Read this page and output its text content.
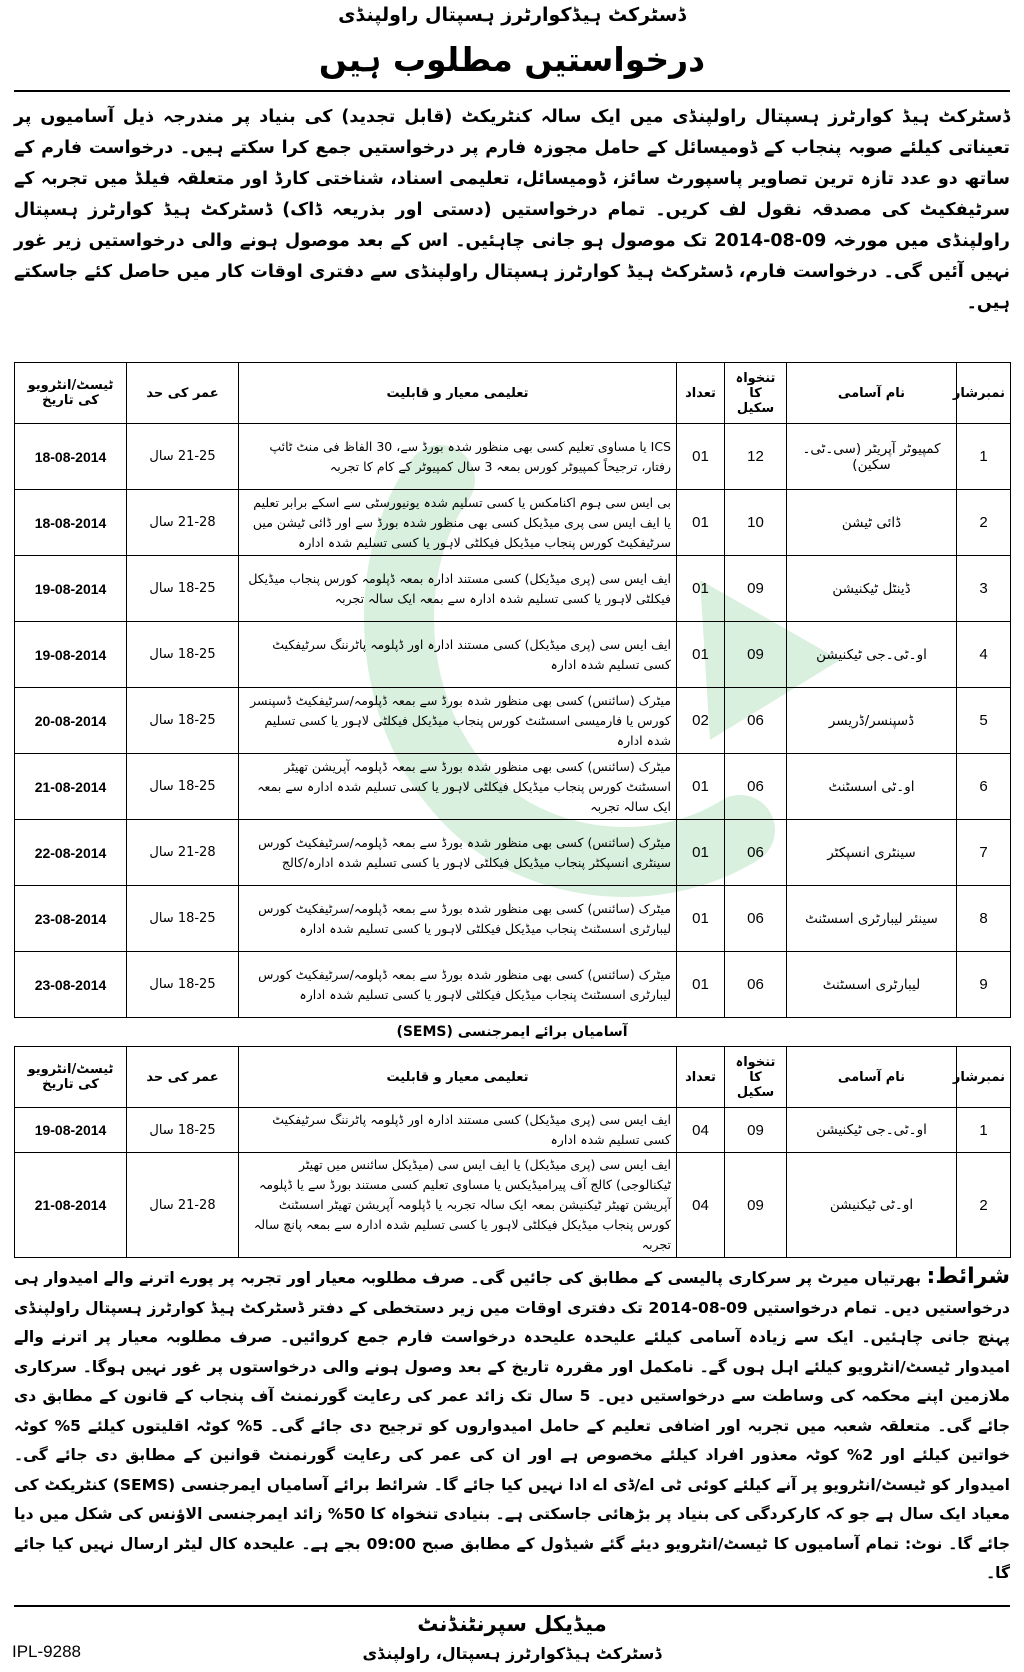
ڈسٹرکٹ ہیڈکوارٹرز ہسپتال راولپنڈی
درخواستیں مطلوب ہیں
ڈسٹرکٹ ہیڈ کوارٹرز ہسپتال راولپنڈی میں ایک سالہ کنٹریکٹ (قابل تجدید) کی بنیاد پر مندرجہ ذیل آسامیوں پر تعیناتی کیلئے صوبہ پنجاب کے ڈومیسائل کے حامل مجوزہ فارم پر درخواستیں جمع کرا سکتے ہیں۔ درخواست فارم کے ساتھ دو عدد تازہ ترین تصاویر پاسپورٹ سائز، ڈومیسائل، تعلیمی اسناد، شناختی کارڈ اور متعلقہ فیلڈ میں تجربہ کے سرٹیفکیٹ کی مصدقہ نقول لف کریں۔ تمام درخواستیں (دستی اور بذریعہ ڈاک) ڈسٹرکٹ ہیڈ کوارٹرز ہسپتال راولپنڈی میں مورخہ 09-08-2014 تک موصول ہو جانی چاہئیں۔ اس کے بعد موصول ہونے والی درخواستیں زیر غور نہیں آئیں گی۔ درخواست فارم، ڈسٹرکٹ ہیڈ کوارٹرز ہسپتال راولپنڈی سے دفتری اوقات کار میں حاصل کئے جاسکتے ہیں۔
نمبرشار	نام آسامی	تنخواہ کا سکیل	تعداد	تعلیمی معیار و قابلیت	عمر کی حد	ٹیسٹ/انٹرویو کی تاریخ
1	کمپیوٹر آپریٹر (سی۔ٹی۔سکین)	12	01	ICS یا مساوی تعلیم کسی بھی منظور شدہ بورڈ سے، 30 الفاظ فی منٹ ٹائپ رفتار، ترجیحاً کمپیوٹر کورس بمعہ 3 سال کمپیوٹر کے کام کا تجربہ	21-25 سال	18-08-2014
2	ڈائی ٹیشن	10	01	بی ایس سی ہوم اکنامکس یا کسی تسلیم شدہ یونیورسٹی سے اسکے برابر تعلیم یا ایف ایس سی پری میڈیکل کسی بھی منظور شدہ بورڈ سے اور ڈائی ٹیشن میں سرٹیفکیٹ کورس پنجاب میڈیکل فیکلٹی لاہور یا کسی تسلیم شدہ ادارہ	21-28 سال	18-08-2014
3	ڈینٹل ٹیکنیشن	09	01	ایف ایس سی (پری میڈیکل) کسی مستند ادارہ بمعہ ڈپلومہ کورس پنجاب میڈیکل فیکلٹی لاہور یا کسی تسلیم شدہ ادارہ سے بمعہ ایک سالہ تجربہ	18-25 سال	19-08-2014
4	او۔ٹی۔جی ٹیکنیشن	09	01	ایف ایس سی (پری میڈیکل) کسی مستند ادارہ اور ڈپلومہ پاٹرننگ سرٹیفکیٹ کسی تسلیم شدہ ادارہ	18-25 سال	19-08-2014
5	ڈسپنسر/ڈریسر	06	02	میٹرک (سائنس) کسی بھی منظور شدہ بورڈ سے بمعہ ڈپلومہ/سرٹیفکیٹ ڈسپنسر کورس یا فارمیسی اسسٹنٹ کورس پنجاب میڈیکل فیکلٹی لاہور یا کسی تسلیم شدہ ادارہ	18-25 سال	20-08-2014
6	او۔ٹی اسسٹنٹ	06	01	میٹرک (سائنس) کسی بھی منظور شدہ بورڈ سے بمعہ ڈپلومہ آپریشن تھیٹر اسسٹنٹ کورس پنجاب میڈیکل فیکلٹی لاہور یا کسی تسلیم شدہ ادارہ سے بمعہ ایک سالہ تجربہ	18-25 سال	21-08-2014
7	سینٹری انسپکٹر	06	01	میٹرک (سائنس) کسی بھی منظور شدہ بورڈ سے بمعہ ڈپلومہ/سرٹیفکیٹ کورس سینٹری انسپکٹر پنجاب میڈیکل فیکلٹی لاہور یا کسی تسلیم شدہ ادارہ/کالج	21-28 سال	22-08-2014
8	سینئر لیبارٹری اسسٹنٹ	06	01	میٹرک (سائنس) کسی بھی منظور شدہ بورڈ سے بمعہ ڈپلومہ/سرٹیفکیٹ کورس لیبارٹری اسسٹنٹ پنجاب میڈیکل فیکلٹی لاہور یا کسی تسلیم شدہ ادارہ	18-25 سال	23-08-2014
9	لیبارٹری اسسٹنٹ	06	01	میٹرک (سائنس) کسی بھی منظور شدہ بورڈ سے بمعہ ڈپلومہ/سرٹیفکیٹ کورس لیبارٹری اسسٹنٹ پنجاب میڈیکل فیکلٹی لاہور یا کسی تسلیم شدہ ادارہ	18-25 سال	23-08-2014
آسامیاں برائے ایمرجنسی (SEMS)
نمبرشار	نام آسامی	تنخواہ کا سکیل	تعداد	تعلیمی معیار و قابلیت	عمر کی حد	ٹیسٹ/انٹرویو کی تاریخ
1	او۔ٹی۔جی ٹیکنیشن	09	04	ایف ایس سی (پری میڈیکل) کسی مستند ادارہ اور ڈپلومہ پاٹرننگ سرٹیفکیٹ کسی تسلیم شدہ ادارہ	18-25 سال	19-08-2014
2	او۔ٹی ٹیکنیشن	09	04	ایف ایس سی (پری میڈیکل) یا ایف ایس سی (میڈیکل سائنس میں تھیٹر ٹیکنالوجی) کالج آف پیرامیڈیکس یا مساوی تعلیم کسی مستند بورڈ سے یا ڈپلومہ آپریشن تھیٹر ٹیکنیشن بمعہ ایک سالہ تجربہ یا ڈپلومہ آپریشن تھیٹر اسسٹنٹ کورس پنجاب میڈیکل فیکلٹی لاہور یا کسی تسلیم شدہ ادارہ سے بمعہ پانچ سالہ تجربہ	21-28 سال	21-08-2014
شرائط: بھرتیاں میرٹ پر سرکاری پالیسی کے مطابق کی جائیں گی۔ صرف مطلوبہ معیار اور تجربہ پر پورے اترنے والے امیدوار ہی درخواستیں دیں۔ تمام درخواستیں 09-08-2014 تک دفتری اوقات میں زیر دستخطی کے دفتر ڈسٹرکٹ ہیڈ کوارٹرز ہسپتال راولپنڈی پہنچ جانی چاہئیں۔ ایک سے زیادہ آسامی کیلئے علیحدہ علیحدہ درخواست فارم جمع کروائیں۔ صرف مطلوبہ معیار پر اترنے والے امیدوار ٹیسٹ/انٹرویو کیلئے اہل ہوں گے۔ نامکمل اور مقررہ تاریخ کے بعد وصول ہونے والی درخواستوں پر غور نہیں ہوگا۔ سرکاری ملازمین اپنے محکمہ کی وساطت سے درخواستیں دیں۔ 5 سال تک زائد عمر کی رعایت گورنمنٹ آف پنجاب کے قانون کے مطابق دی جائے گی۔ متعلقہ شعبہ میں تجربہ اور اضافی تعلیم کے حامل امیدواروں کو ترجیح دی جائے گی۔ 5% کوٹہ اقلیتوں کیلئے 5% کوٹہ خواتین کیلئے اور 2% کوٹہ معذور افراد کیلئے مخصوص ہے اور ان کی عمر کی رعایت گورنمنٹ قوانین کے مطابق دی جائے گی۔ امیدوار کو ٹیسٹ/انٹرویو پر آنے کیلئے کوئی ٹی اے/ڈی اے ادا نہیں کیا جائے گا۔ شرائط برائے آسامیاں ایمرجنسی (SEMS) کنٹریکٹ کی معیاد ایک سال ہے جو کہ کارکردگی کی بنیاد پر بڑھائی جاسکتی ہے۔ بنیادی تنخواہ کا 50% زائد ایمرجنسی الاؤنس کی شکل میں دیا جائے گا۔ نوٹ: تمام آسامیوں کا ٹیسٹ/انٹرویو دیئے گئے شیڈول کے مطابق صبح 09:00 بجے ہے۔ علیحدہ کال لیٹر ارسال نہیں کیا جائے گا۔
میڈیکل سپرنٹنڈنٹ
ڈسٹرکٹ ہیڈکوارٹرز ہسپتال، راولپنڈی
IPL-9288
